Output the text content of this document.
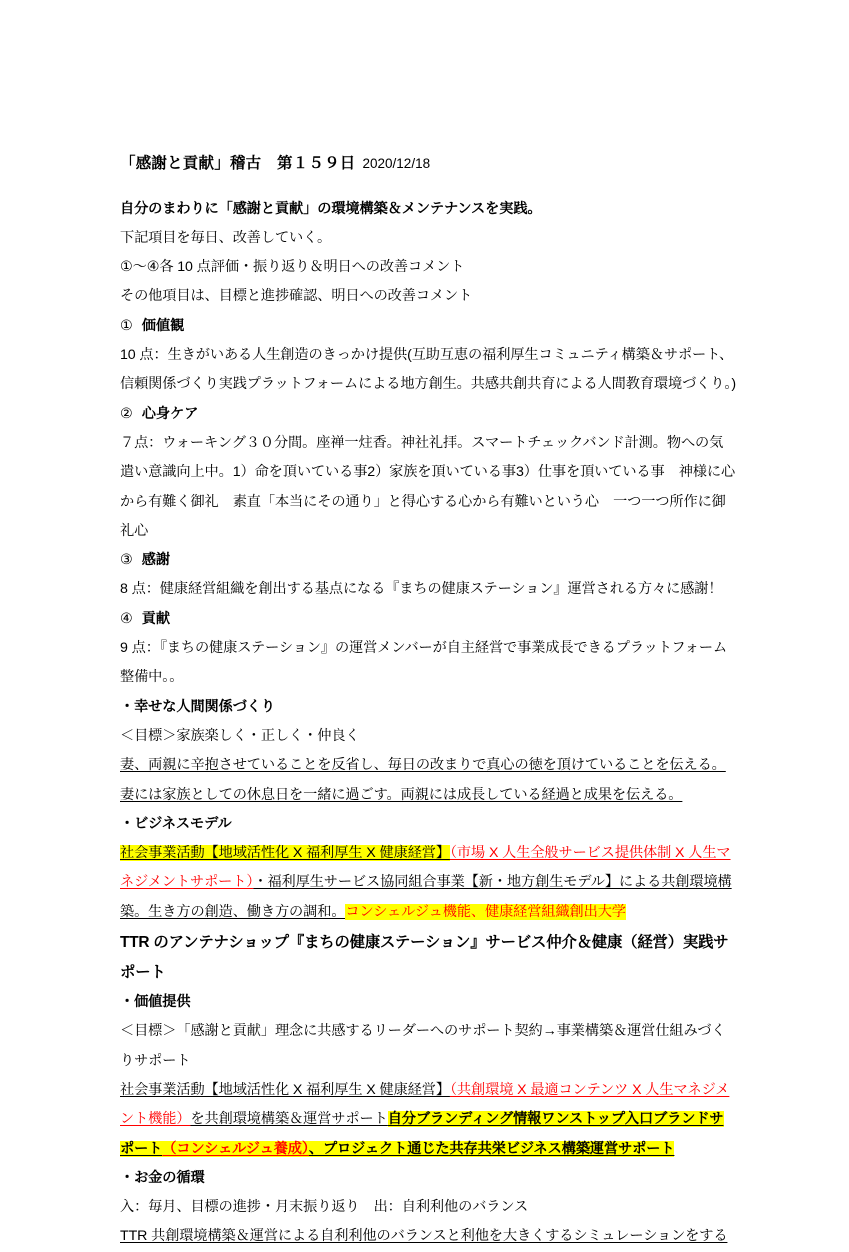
「感謝と貢献」稽古　第１５９日 2020/12/18

自分のまわりに「感謝と貢献」の環境構築＆メンテナンスを実践。

下記項目を毎日、改善していく。

①～④各 10 点評価・振り返り＆明日への改善コメント

その他項目は、目標と進捗確認、明日への改善コメント

① 価値観

10 点：生きがいある人生創造のきっかけ提供(互助互恵の福利厚生コミュニティ構築＆サポート、信頼関係づくり実践プラットフォームによる地方創生。共感共創共育による人間教育環境づくり。)

② 心身ケア

７点：ウォーキング３０分間。座禅一炷香。神社礼拝。スマートチェックバンド計測。物への気遣い意識向上中。1）命を頂いている事2）家族を頂いている事3）仕事を頂いている事　神様に心から有難く御礼　素直「本当にその通り」と得心する心から有難いという心　一つ一つ所作に御礼心

③ 感謝

8 点：健康経営組織を創出する基点になる『まちの健康ステーション』運営される方々に感謝！

④ 貢献

9 点：『まちの健康ステーション』の運営メンバーが自主経営で事業成長できるプラットフォーム整備中。。

・幸せな人間関係づくり

＜目標＞家族楽しく・正しく・仲良く

妻、両親に辛抱させていることを反省し、毎日の改まりで真心の徳を頂けていることを伝える。妻には家族としての休息日を一緒に過ごす。両親には成長している経過と成果を伝える。

・ビジネスモデル

社会事業活動【地域活性化 X 福利厚生 X 健康経営】（市場 X 人生全般サービス提供体制 X 人生マネジメントサポート）・福利厚生サービス協同組合事業【新・地方創生モデル】による共創環境構築。生き方の創造、働き方の調和。コンシェルジュ機能、健康経営組織創出大学

TTR のアンテナショップ『まちの健康ステーション』サービス仲介＆健康（経営）実践サポート

・価値提供

＜目標＞「感謝と貢献」理念に共感するリーダーへのサポート契約→事業構築＆運営仕組みづくりサポート

社会事業活動【地域活性化 X 福利厚生 X 健康経営】（共創環境 X 最適コンテンツ X 人生マネジメント機能）を共創環境構築＆運営サポート自分ブランディング情報ワンストップ入口ブランドサポート（コンシェルジュ養成）、プロジェクト通じた共存共栄ビジネス構築運営サポート

・お金の循環

入：毎月、目標の進捗・月末振り返り　出：自利利他のバランス

TTR 共創環境構築＆運営による自利利他のバランスと利他を大きくするシミュレーションをする
